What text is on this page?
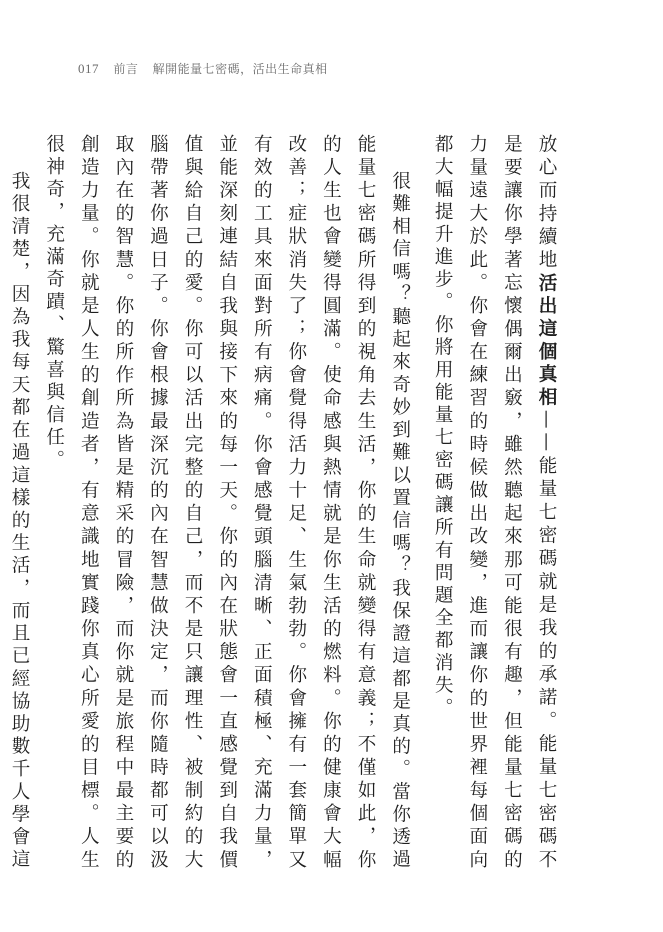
017 前言 解開能量七密碼，活出生命真相

放心而持續地活出這個真相——能量七密碼就是我的承諾。能量七密碼不是要讓你學著忘懷偶爾出竅，雖然聽起來那可能很有趣，但能量七密碼的力量遠大於此。你會在練習的時候做出改變，進而讓你的世界裡每個面向都大幅提升進步。你將用能量七密碼讓所有問題全都消失。

很難相信嗎？聽起來奇妙到難以置信嗎？我保證這都是真的。當你透過能量七密碼所得到的視角去生活，你的生命就變得有意義；不僅如此，你的人生也會變得圓滿。使命感與熱情就是你生活的燃料。你的健康會大幅改善；症狀消失了；你會覺得活力十足、生氣勃勃。你會擁有一套簡單又有效的工具來面對所有病痛。你會感覺頭腦清晰、正面積極、充滿力量，並能深刻連結自我與接下來的每一天。你的內在狀態會一直感覺到自我價值與給自己的愛。你可以活出完整的自己，而不是只讓理性、被制約的大腦帶著你過日子。你會根據最深沉的內在智慧做決定，而你隨時都可以汲取內在的智慧。你的所作所為皆是精采的冒險，而你就是旅程中最主要的創造力量。你就是人生的創造者，有意識地實踐你真心所愛的目標。人生很神奇，充滿奇蹟、驚喜與信任。

我很清楚，因為我每天都在過這樣的生活，而且已經協助數千人學會這
